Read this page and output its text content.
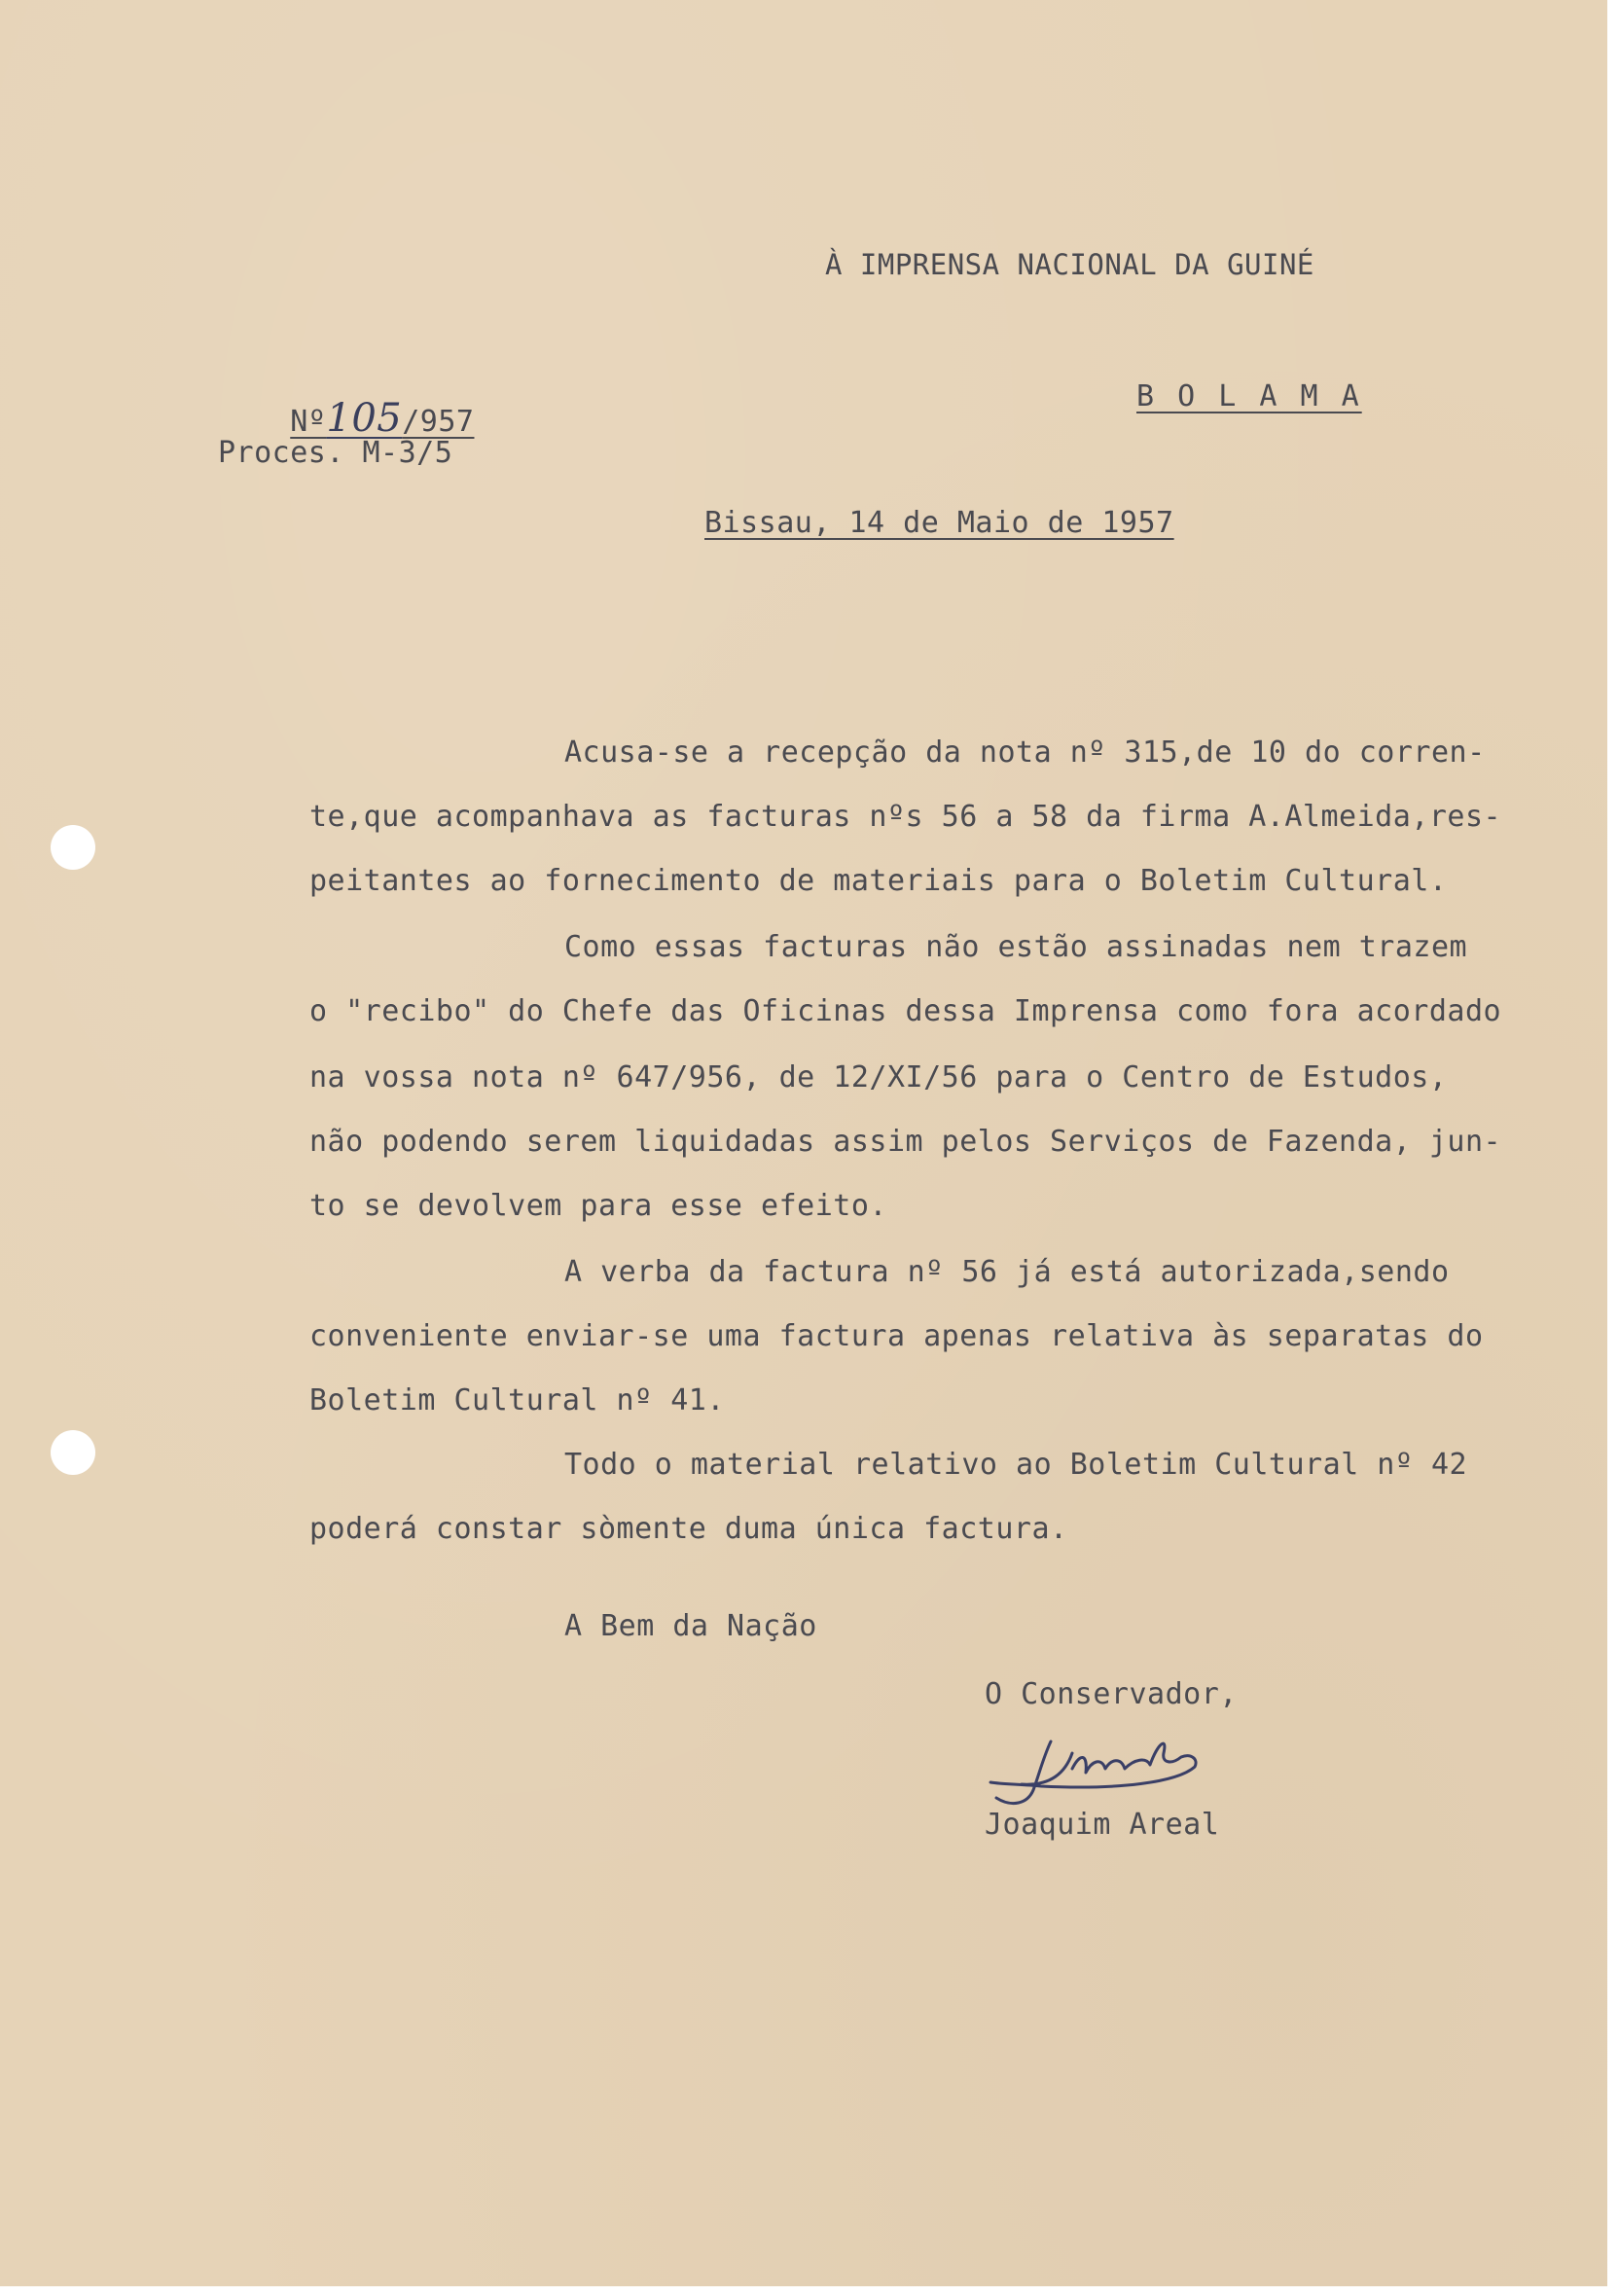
À IMPRENSA NACIONAL DA GUINÉ

Nº105/957

B O L A M A
Proces. M-3/5
Bissau, 14 de Maio de 1957
Acusa-se a recepção da nota nº 315,de 10 do corren-
te,que acompanhava as facturas nºs 56 a 58 da firma A.Almeida,res-
peitantes ao fornecimento de materiais para o Boletim Cultural.
Como essas facturas não estão assinadas nem trazem
o "recibo" do Chefe das Oficinas dessa Imprensa como fora acordado
na vossa nota nº 647/956, de 12/XI/56 para o Centro de Estudos,
não podendo serem liquidadas assim pelos Serviços de Fazenda, jun-
to se devolvem para esse efeito.
A verba da factura nº 56 já está autorizada,sendo
conveniente enviar-se uma factura apenas relativa às separatas do
Boletim Cultural nº 41.
Todo o material relativo ao Boletim Cultural nº 42
poderá constar sòmente duma única factura.
A Bem da Nação
O Conservador,
Joaquim Areal
